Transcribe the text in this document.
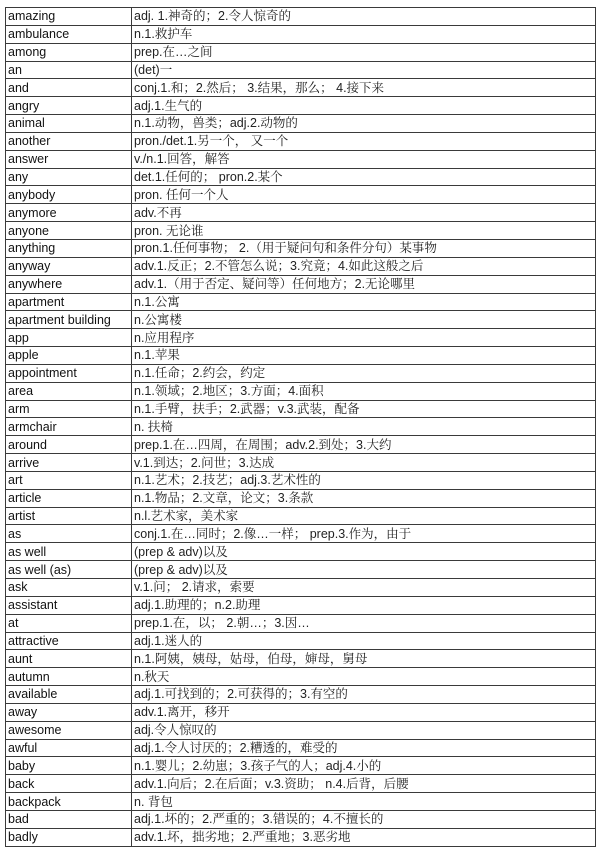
amazing	adj. 1.神奇的；2.令人惊奇的
ambulance	n.1.救护车
among	prep.在…之间
an	(det)一
and	conj.1.和；2.然后； 3.结果，那么； 4.接下来
angry	adj.1.生气的
animal	n.1.动物，兽类；adj.2.动物的
another	pron./det.1.另一个， 又一个
answer	v./n.1.回答，解答
any	det.1.任何的； pron.2.某个
anybody	pron. 任何一个人
anymore	adv.不再
anyone	pron. 无论谁
anything	pron.1.任何事物； 2.（用于疑问句和条件分句）某事物
anyway	adv.1.反正；2.不管怎么说；3.究竟；4.如此这般之后
anywhere	adv.1.（用于否定、疑问等）任何地方；2.无论哪里
apartment	n.1.公寓
apartment building	n.公寓楼
app	n.应用程序
apple	n.1.苹果
appointment	n.1.任命；2.约会，约定
area	n.1.领域；2.地区；3.方面；4.面积
arm	n.1.手臂，扶手；2.武器；v.3.武装，配备
armchair	n. 扶椅
around	prep.1.在…四周，在周围；adv.2.到处；3.大约
arrive	v.1.到达；2.问世；3.达成
art	n.1.艺术；2.技艺；adj.3.艺术性的
article	n.1.物品；2.文章，论文；3.条款
artist	n.l.艺术家，美术家
as	conj.1.在…同时；2.像…一样； prep.3.作为，由于
as well	(prep & adv)以及
as well (as)	(prep & adv)以及
ask	v.1.问； 2.请求，索要
assistant	adj.1.助理的；n.2.助理
at	prep.1.在，以； 2.朝…；3.因…
attractive	adj.1.迷人的
aunt	n.1.阿姨，姨母，姑母，伯母，婶母，舅母
autumn	n.秋天
available	adj.1.可找到的；2.可获得的；3.有空的
away	adv.1.离开，移开
awesome	adj.令人惊叹的
awful	adj.1.令人讨厌的；2.糟透的，难受的
baby	n.1.婴儿；2.幼崽；3.孩子气的人；adj.4.小的
back	adv.1.向后；2.在后面；v.3.资助； n.4.后背，后腰
backpack	n. 背包
bad	adj.1.坏的；2.严重的；3.错误的；4.不擅长的
badly	adv.1.坏，拙劣地；2.严重地；3.恶劣地
